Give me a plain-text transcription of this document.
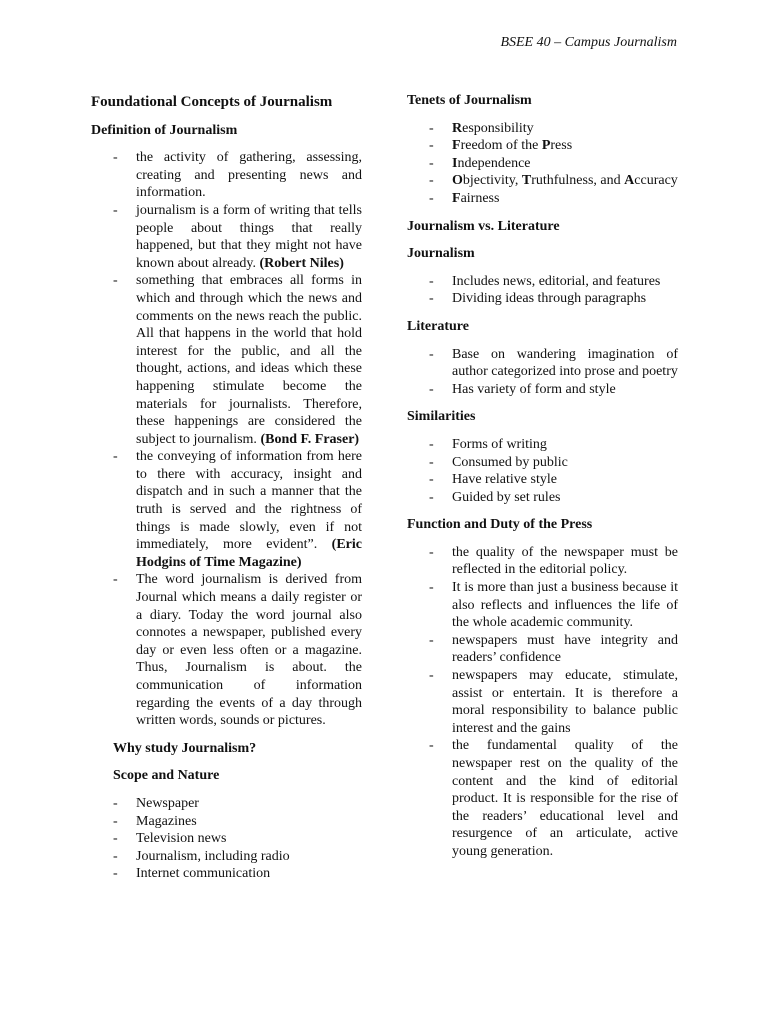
BSEE 40 – Campus Journalism
Foundational Concepts of Journalism
Definition of Journalism
- the activity of gathering, assessing, creating and presenting news and information.
- journalism is a form of writing that tells people about things that really happened, but that they might not have known about already. (Robert Niles)
- something that embraces all forms in which and through which the news and comments on the news reach the public. All that happens in the world that hold interest for the public, and all the thought, actions, and ideas which these happening stimulate become the materials for journalists. Therefore, these happenings are considered the subject to journalism. (Bond F. Fraser)
- the conveying of information from here to there with accuracy, insight and dispatch and in such a manner that the truth is served and the rightness of things is made slowly, even if not immediately, more evident”. (Eric Hodgins of Time Magazine)
- The word journalism is derived from Journal which means a daily register or a diary. Today the word journal also connotes a newspaper, published every day or even less often or a magazine. Thus, Journalism is about. the communication of information regarding the events of a day through written words, sounds or pictures.
Why study Journalism?
Scope and Nature
- Newspaper
- Magazines
- Television news
- Journalism, including radio
- Internet communication
Tenets of Journalism
- Responsibility
- Freedom of the Press
- Independence
- Objectivity, Truthfulness, and Accuracy
- Fairness
Journalism vs. Literature
Journalism
- Includes news, editorial, and features
- Dividing ideas through paragraphs
Literature
- Base on wandering imagination of author categorized into prose and poetry
- Has variety of form and style
Similarities
- Forms of writing
- Consumed by public
- Have relative style
- Guided by set rules
Function and Duty of the Press
- the quality of the newspaper must be reflected in the editorial policy.
- It is more than just a business because it also reflects and influences the life of the whole academic community.
- newspapers must have integrity and readers’ confidence
- newspapers may educate, stimulate, assist or entertain. It is therefore a moral responsibility to balance public interest and the gains
- the fundamental quality of the newspaper rest on the quality of the content and the kind of editorial product. It is responsible for the rise of the readers’ educational level and resurgence of an articulate, active young generation.
